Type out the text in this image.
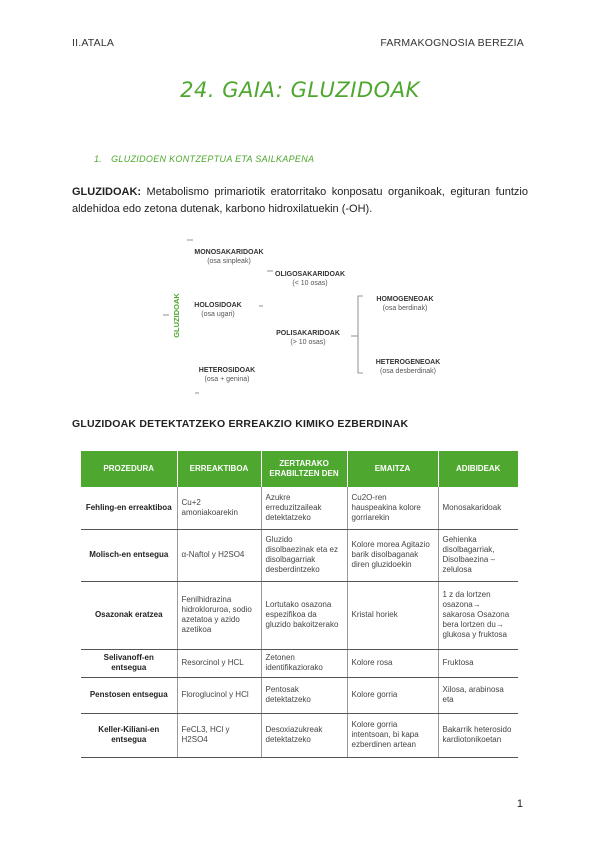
II.ATALA	FARMAKOGNOSIA BEREZIA
24. GAIA: GLUZIDOAK
1. GLUZIDOEN KONTZEPTUA ETA SAILKAPENA
GLUZIDOAK: Metabolismo primariotik eratorritako konposatu organikoak, egituran funtzio aldehidoa edo zetona dutenak, karbono hidroxilatuekin (-OH).
GLUZIDOAK
MONOSAKARIDOAK
(osa sinpleak)
OLIGOSAKARIDOAK
(< 10 osas)
HOLOSIDOAK
(osa ugari)
HOMOGENEOAK
(osa berdinak)
POLISAKARIDOAK
(> 10 osas)
HETEROGENEOAK
(osa desberdinak)
HETEROSIDOAK
(osa + genina)
GLUZIDOAK DETEKTATZEKO ERREAKZIO KIMIKO EZBERDINAK
PROZEDURA	ERREAKTIBOA	ZERTARAKO ERABILTZEN DEN	EMAITZA	ADIBIDEAK
Fehling-en erreaktiboa	Cu+2 amoniakoarekin	Azukre erreduzitzaileak detektatzeko	Cu2O-ren hauspeakina kolore gorriarekin	Monosakaridoak
Molisch-en entsegua	α-Naftol y H2SO4	Gluzido disolbaezinak eta ez disolbagarriak desberdintzeko	Kolore morea Agitazio barik disolbaganak diren gluzidoekin	Gehienka disolbagarriak, Disolbaezina – zelulosa
Osazonak eratzea	Fenilhidrazina hidrokloruroa, sodio azetatoa y azido azetikoa	Lortutako osazona espezifikoa da gluzido bakoitzerako	Kristal horiek	1 z da lortzen osazona→ sakarosa Osazona bera lortzen du→ glukosa y fruktosa
Selivanoff-en entsegua	Resorcinol y HCL	Zetonen identifikaziorako	Kolore rosa	Fruktosa
Penstosen entsegua	Floroglucinol y HCl	Pentosak detektatzeko	Kolore gorria	Xilosa, arabinosa eta
Keller-Kiliani-en entsegua	FeCL3, HCl y H2SO4	Desoxiazukreak detektatzeko	Kolore gorria intentsoan, bi kapa ezberdinen artean	Bakarrik heterosido kardiotonikoetan
1
